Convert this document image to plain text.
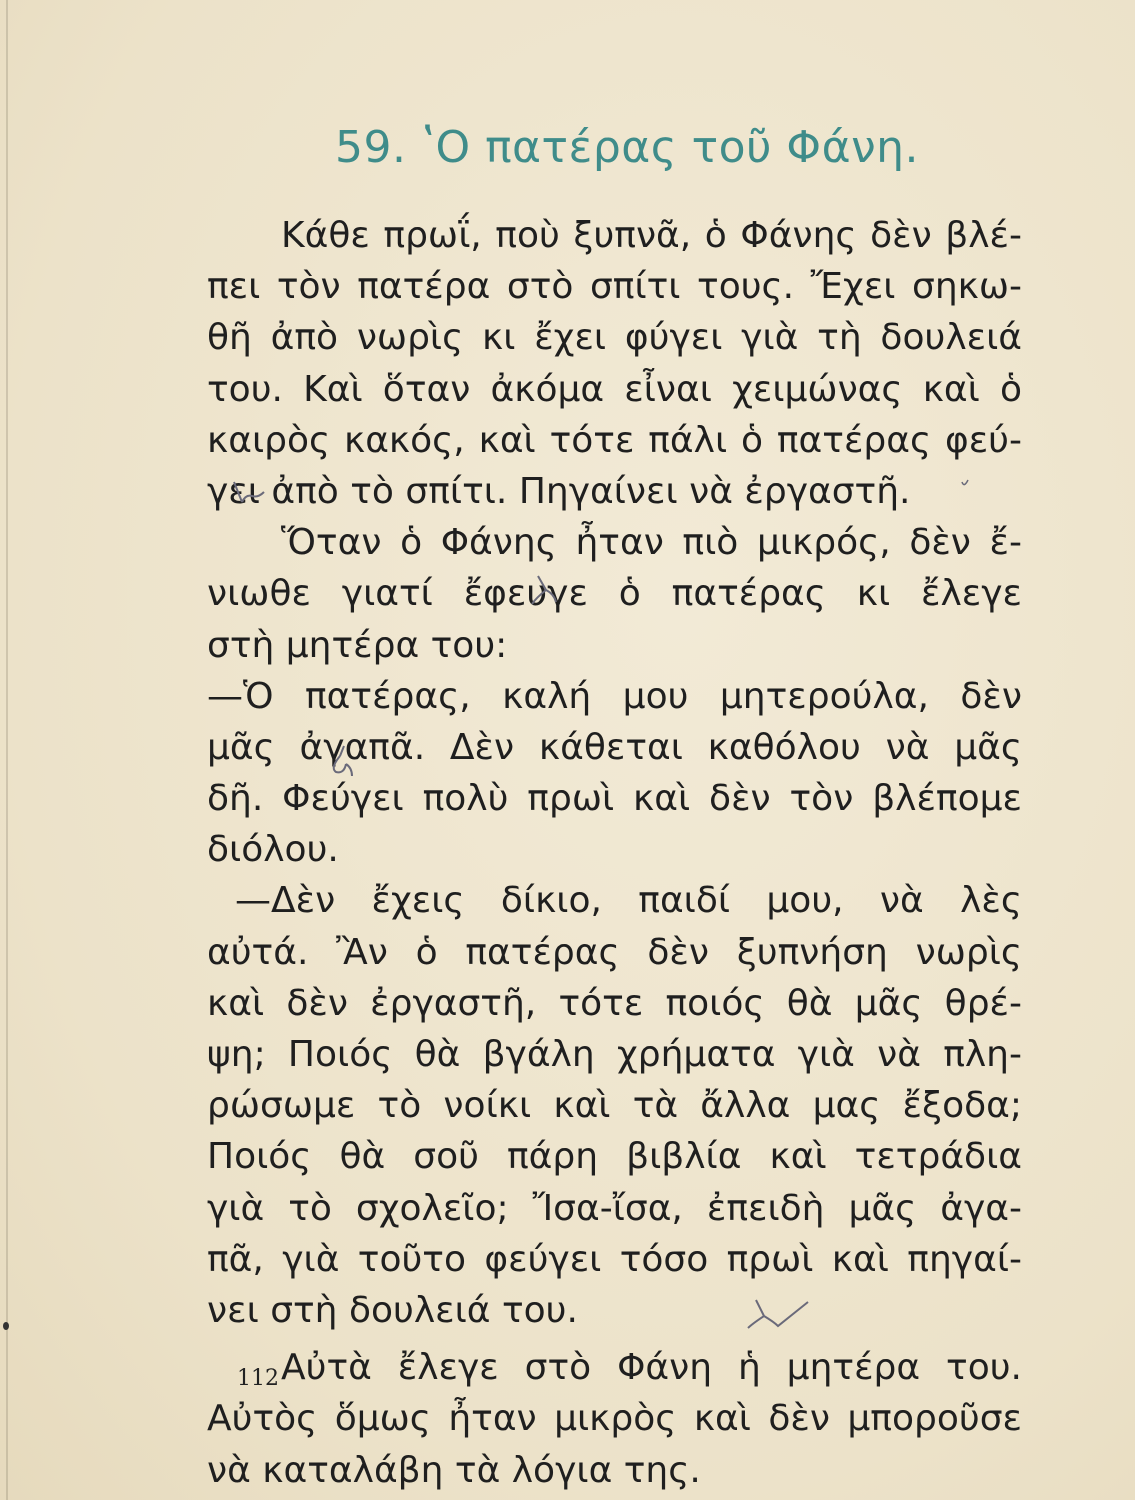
59. ʽΟ πατέρας τοῦ Φάνη.
Κάθε πρωΐ, ποὺ ξυπνᾶ, ὁ Φάνης δὲν βλέ-
πει τὸν πατέρα στὸ σπίτι τους. Ἔχει σηκω-
θῆ ἀπὸ νωρὶς κι ἔχει φύγει γιὰ τὴ δουλειά
του. Καὶ ὅταν ἀκόμα εἶναι χειμώνας καὶ ὁ
καιρὸς κακός, καὶ τότε πάλι ὁ πατέρας φεύ-
γει ἀπὸ τὸ σπίτι. Πηγαίνει νὰ ἐργαστῆ.
Ὅταν ὁ Φάνης ἦταν πιὸ μικρός, δὲν ἔ-
νιωθε γιατί ἔφευγε ὁ πατέρας κι ἔλεγε
στὴ μητέρα του:
—Ὁ πατέρας, καλή μου μητερούλα, δὲν
μᾶς ἀγαπᾶ. Δὲν κάθεται καθόλου νὰ μᾶς
δῆ. Φεύγει πολὺ πρωὶ καὶ δὲν τὸν βλέπομε
διόλου.
—Δὲν ἔχεις δίκιο, παιδί μου, νὰ λὲς
αὐτά. Ἂν ὁ πατέρας δὲν ξυπνήση νωρὶς
καὶ δὲν ἐργαστῆ, τότε ποιός θὰ μᾶς θρέ-
ψη; Ποιός θὰ βγάλη χρήματα γιὰ νὰ πλη-
ρώσωμε τὸ νοίκι καὶ τὰ ἄλλα μας ἔξοδα;
Ποιός θὰ σοῦ πάρη βιβλία καὶ τετράδια
γιὰ τὸ σχολεῖο; Ἴσα-ἴσα, ἐπειδὴ μᾶς ἀγα-
πᾶ, γιὰ τοῦτο φεύγει τόσο πρωὶ καὶ πηγαί-
νει στὴ δουλειά του.
Αὐτὰ ἔλεγε στὸ Φάνη ἡ μητέρα του.
Αὐτὸς ὅμως ἦταν μικρὸς καὶ δὲν μποροῦσε
νὰ καταλάβη τὰ λόγια της.
112
